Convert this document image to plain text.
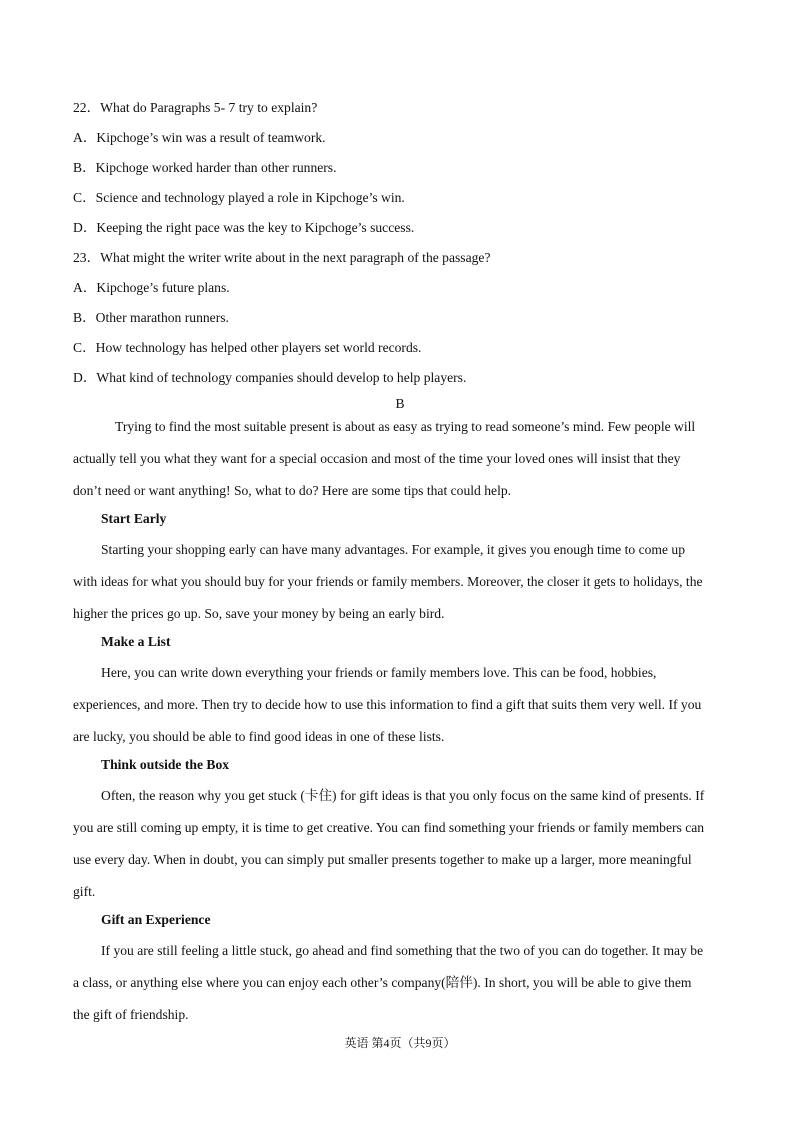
22．What do Paragraphs 5- 7 try to explain?
A．Kipchoge’s win was a result of teamwork.
B．Kipchoge worked harder than other runners.
C．Science and technology played a role in Kipchoge’s win.
D．Keeping the right pace was the key to Kipchoge’s success.
23．What might the writer write about in the next paragraph of the passage?
A．Kipchoge’s future plans.
B．Other marathon runners.
C．How technology has helped other players set world records.
D．What kind of technology companies should develop to help players.
B
Trying to find the most suitable present is about as easy as trying to read someone’s mind. Few people will
actually tell you what they want for a special occasion and most of the time your loved ones will insist that they
don’t need or want anything! So, what to do? Here are some tips that could help.
Start Early
Starting your shopping early can have many advantages. For example, it gives you enough time to come up
with ideas for what you should buy for your friends or family members. Moreover, the closer it gets to holidays, the
higher the prices go up. So, save your money by being an early bird.
Make a List
Here, you can write down everything your friends or family members love. This can be food, hobbies,
experiences, and more. Then try to decide how to use this information to find a gift that suits them very well. If you
are lucky, you should be able to find good ideas in one of these lists.
Think outside the Box
Often, the reason why you get stuck (卡住) for gift ideas is that you only focus on the same kind of presents. If
you are still coming up empty, it is time to get creative. You can find something your friends or family members can
use every day. When in doubt, you can simply put smaller presents together to make up a larger, more meaningful
gift.
Gift an Experience
If you are still feeling a little stuck, go ahead and find something that the two of you can do together. It may be
a class, or anything else where you can enjoy each other’s company(陪伴). In short, you will be able to give them
the gift of friendship.
英语 第4页（共9页）
